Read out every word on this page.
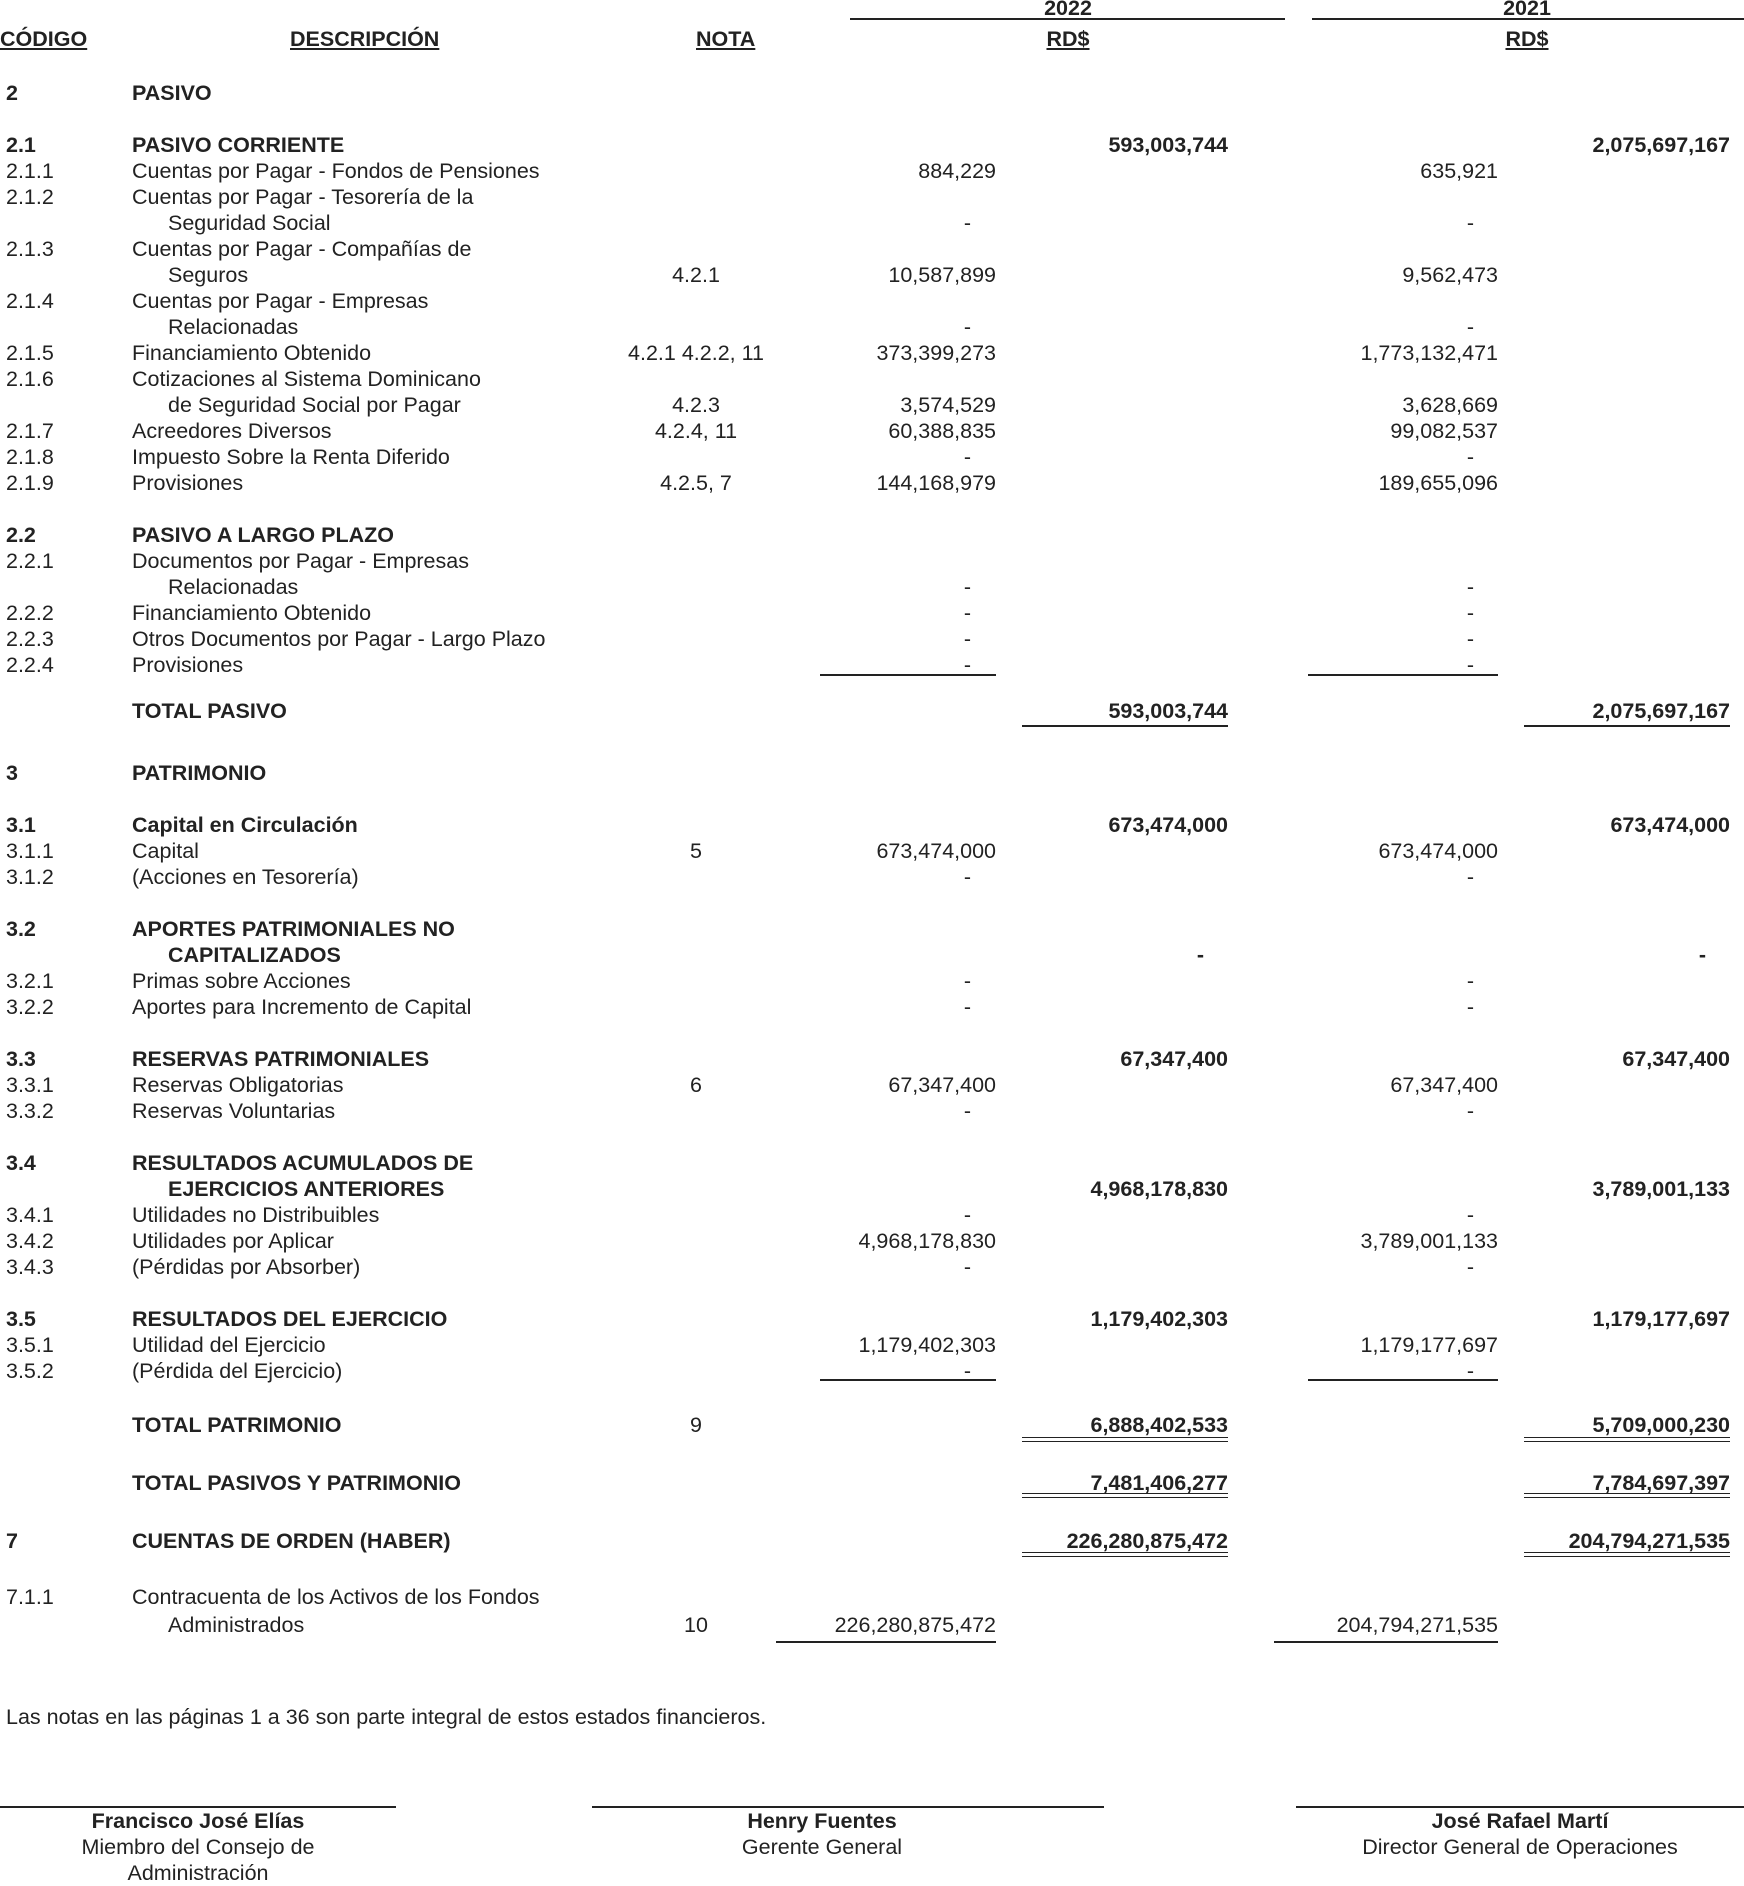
CÓDIGO	DESCRIPCIÓN	NOTA
2022	2021
RD$	RD$
2	PASIVO
2.1	PASIVO CORRIENTE	593,003,744	2,075,697,167
2.1.1	Cuentas por Pagar - Fondos de Pensiones	884,229	635,921
2.1.2	Cuentas por Pagar - Tesorería de la
Seguridad Social	-	-
2.1.3	Cuentas por Pagar - Compañías de
Seguros	4.2.1	10,587,899	9,562,473
2.1.4	Cuentas por Pagar - Empresas
Relacionadas	-	-
2.1.5	Financiamiento Obtenido	4.2.1 4.2.2, 11	373,399,273	1,773,132,471
2.1.6	Cotizaciones al Sistema Dominicano
de Seguridad Social por Pagar	4.2.3	3,574,529	3,628,669
2.1.7	Acreedores Diversos	4.2.4, 11	60,388,835	99,082,537
2.1.8	Impuesto Sobre la Renta Diferido	-	-
2.1.9	Provisiones	4.2.5, 7	144,168,979	189,655,096
2.2	PASIVO A LARGO PLAZO
2.2.1	Documentos por Pagar - Empresas
Relacionadas	-	-
2.2.2	Financiamiento Obtenido	-	-
2.2.3	Otros Documentos por Pagar - Largo Plazo	-	-
2.2.4	Provisiones	-	-
TOTAL PASIVO	593,003,744	2,075,697,167
3	PATRIMONIO
3.1	Capital en Circulación	673,474,000	673,474,000
3.1.1	Capital	5	673,474,000	673,474,000
3.1.2	(Acciones en Tesorería)	-	-
3.2	APORTES PATRIMONIALES NO
CAPITALIZADOS	-	-
3.2.1	Primas sobre Acciones	-	-
3.2.2	Aportes para Incremento de Capital	-	-
3.3	RESERVAS PATRIMONIALES	67,347,400	67,347,400
3.3.1	Reservas Obligatorias	6	67,347,400	67,347,400
3.3.2	Reservas Voluntarias	-	-
3.4	RESULTADOS ACUMULADOS DE
EJERCICIOS ANTERIORES	4,968,178,830	3,789,001,133
3.4.1	Utilidades no Distribuibles	-	-
3.4.2	Utilidades por Aplicar	4,968,178,830	3,789,001,133
3.4.3	(Pérdidas por Absorber)	-	-
3.5	RESULTADOS DEL EJERCICIO	1,179,402,303	1,179,177,697
3.5.1	Utilidad del Ejercicio	1,179,402,303	1,179,177,697
3.5.2	(Pérdida del Ejercicio)	-	-
TOTAL PATRIMONIO	9	6,888,402,533	5,709,000,230
TOTAL PASIVOS Y PATRIMONIO	7,481,406,277	7,784,697,397
7	CUENTAS DE ORDEN (HABER)	226,280,875,472	204,794,271,535
7.1.1	Contracuenta de los Activos de los Fondos
Administrados	10	226,280,875,472	204,794,271,535
Las notas en las páginas 1 a 36 son parte integral de estos estados financieros.
Francisco José Elías
Miembro del Consejo de
Administración
Henry Fuentes
Gerente General
José Rafael Martí
Director General de Operaciones
